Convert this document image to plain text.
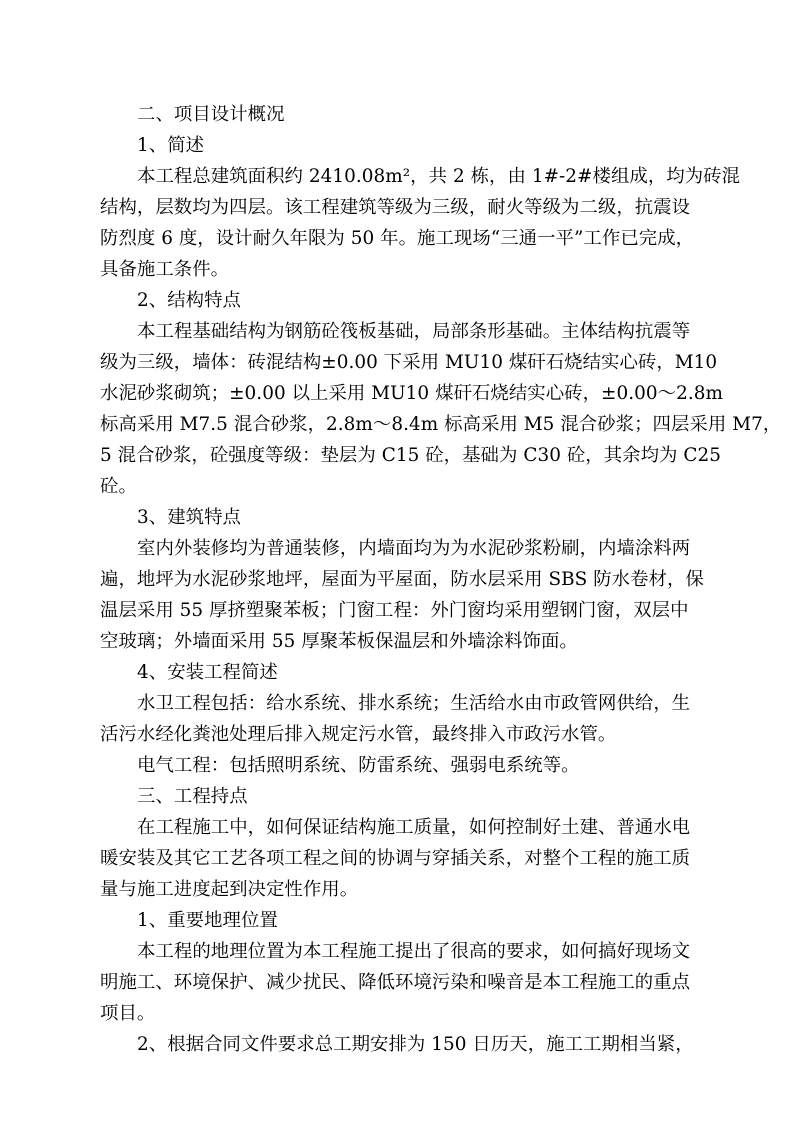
二、项目设计概况
1、简述
本工程总建筑面积约 2410.08m²，共 2 栋，由 1#-2#楼组成，均为砖混
结构，层数均为四层。该工程建筑等级为三级，耐火等级为二级，抗震设
防烈度 6 度，设计耐久年限为 50 年。施工现场“三通一平”工作已完成，
具备施工条件。
2、结构特点
本工程基础结构为钢筋砼筏板基础，局部条形基础。主体结构抗震等
级为三级，墙体：砖混结构±0.00 下采用 MU10 煤矸石烧结实心砖，M10
水泥砂浆砌筑；±0.00 以上采用 MU10 煤矸石烧结实心砖，±0.00～2.8m
标高采用 M7.5 混合砂浆，2.8m～8.4m 标高采用 M5 混合砂浆；四层采用 M7，
5 混合砂浆，砼强度等级：垫层为 C15 砼，基础为 C30 砼，其余均为 C25
砼。
3、建筑特点
室内外装修均为普通装修，内墙面均为为水泥砂浆粉刷，内墙涂料两
遍，地坪为水泥砂浆地坪，屋面为平屋面，防水层采用 SBS 防水卷材，保
温层采用 55 厚挤塑聚苯板；门窗工程：外门窗均采用塑钢门窗，双层中
空玻璃；外墙面采用 55 厚聚苯板保温层和外墙涂料饰面。
4、安装工程简述
水卫工程包括：给水系统、排水系统；生活给水由市政管网供给，生
活污水经化粪池处理后排入规定污水管，最终排入市政污水管。
电气工程：包括照明系统、防雷系统、强弱电系统等。
三、工程持点
在工程施工中，如何保证结构施工质量，如何控制好土建、普通水电
暖安装及其它工艺各项工程之间的协调与穿插关系，对整个工程的施工质
量与施工进度起到决定性作用。
1、重要地理位置
本工程的地理位置为本工程施工提出了很高的要求，如何搞好现场文
明施工、环境保护、减少扰民、降低环境污染和噪音是本工程施工的重点
项目。
2、根据合同文件要求总工期安排为 150 日历天，施工工期相当紧，
